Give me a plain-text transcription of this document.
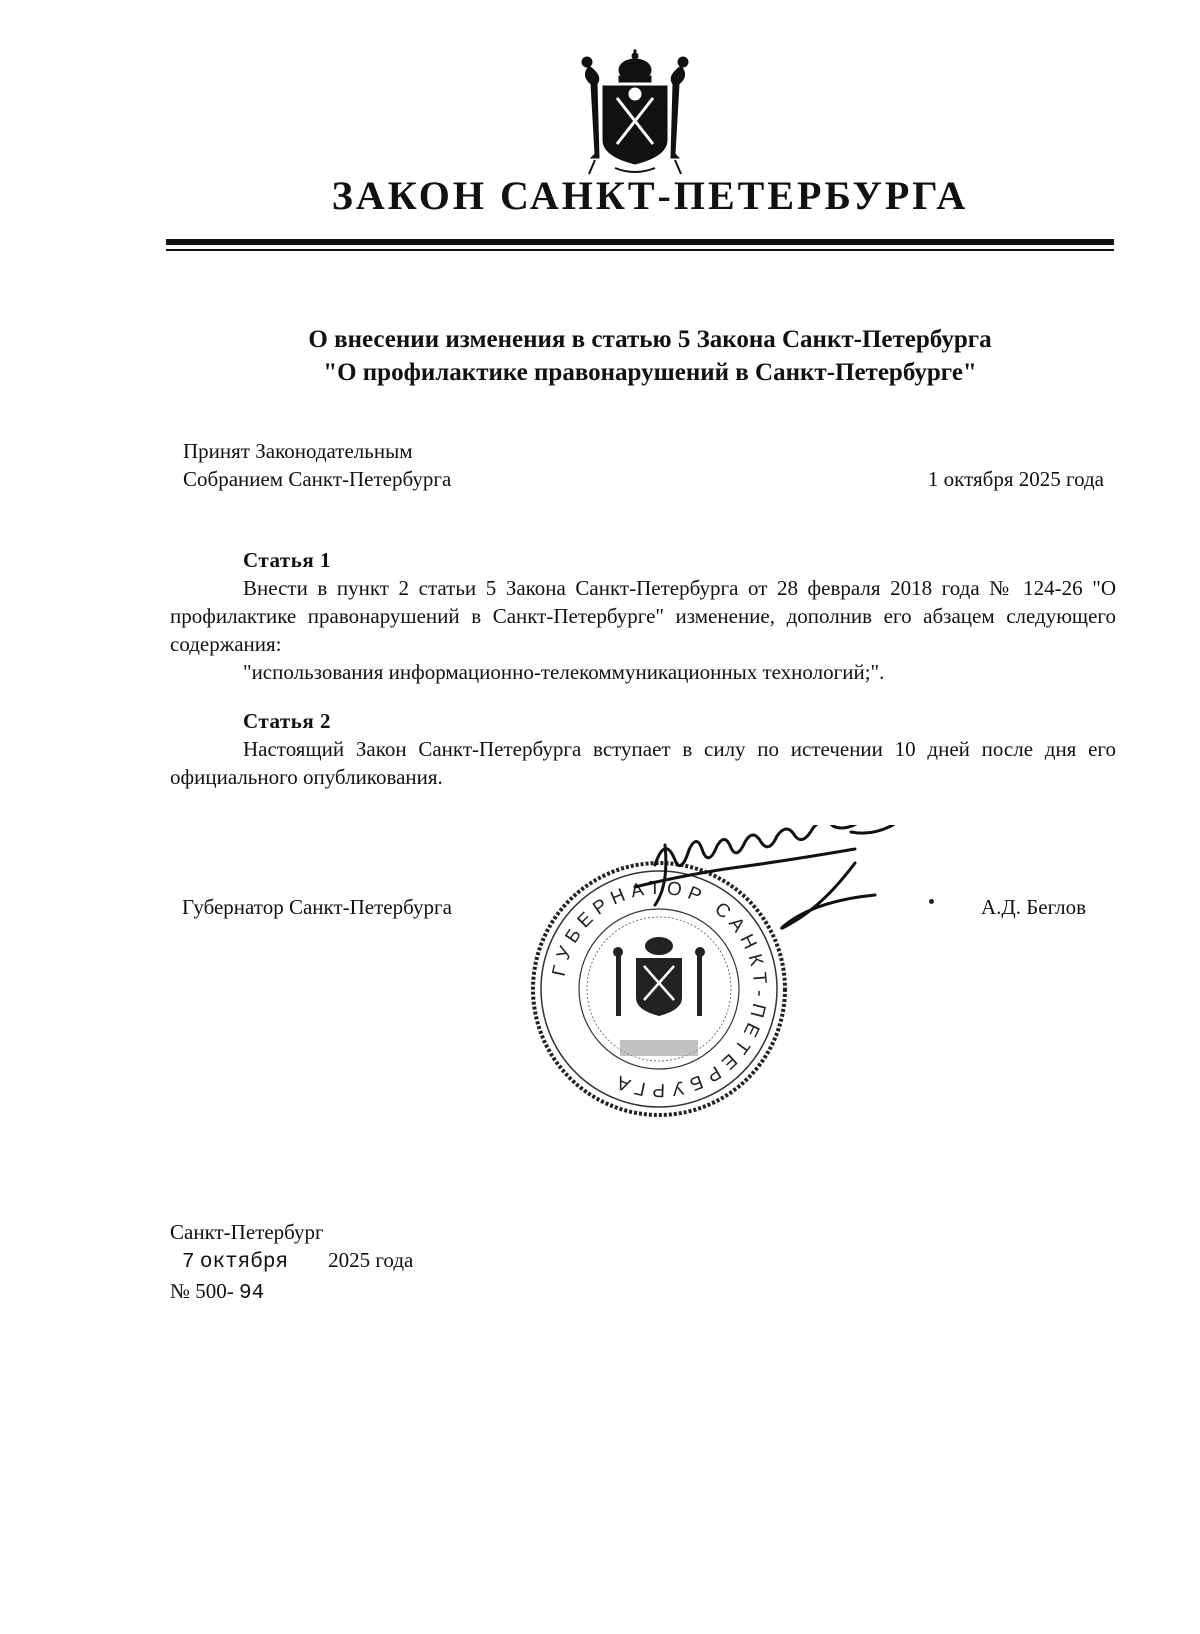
ЗАКОН САНКТ-ПЕТЕРБУРГА
О внесении изменения в статью 5 Закона Санкт-Петербурга
"О профилактике правонарушений в Санкт-Петербурге"
Принят Законодательным
Собранием Санкт-Петербурга	1 октября 2025 года
Статья 1
Внести в пункт 2 статьи 5 Закона Санкт-Петербурга от 28 февраля 2018 года № 124-26 "О профилактике правонарушений в Санкт-Петербурге" изменение, дополнив его абзацем следующего содержания:
"использования информационно-телекоммуникационных технологий;".
Статья 2
Настоящий Закон Санкт-Петербурга вступает в силу по истечении 10 дней после дня его официального опубликования.
Губернатор Санкт-Петербурга
ГУБЕРНАТОР САНКТ-ПЕТЕРБУРГА
А.Д. Беглов
Санкт-Петербург
7 октября 2025 года
№ 500- 94
